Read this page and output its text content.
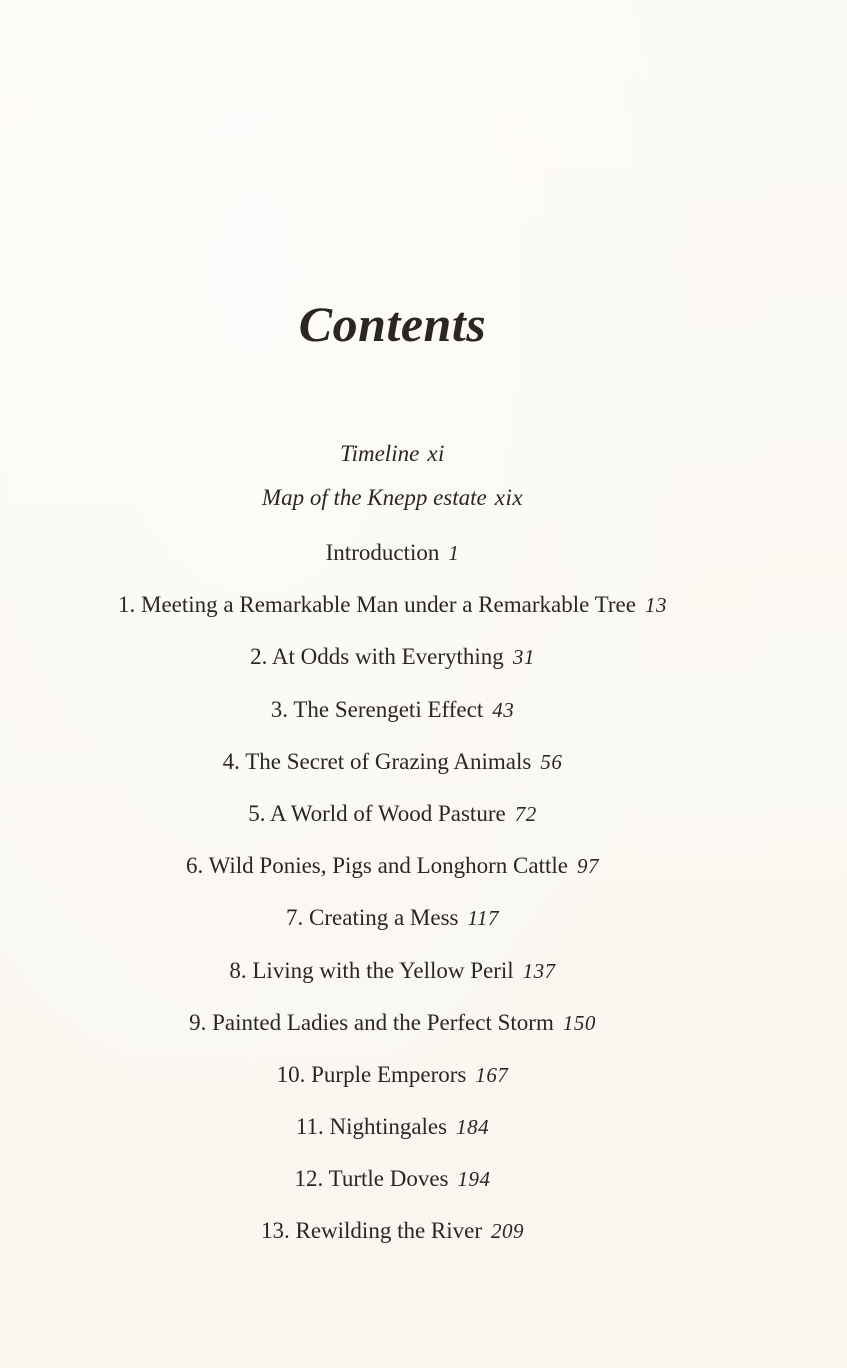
Contents
Timeline xi
Map of the Knepp estate xix
Introduction 1
1. Meeting a Remarkable Man under a Remarkable Tree 13
2. At Odds with Everything 31
3. The Serengeti Effect 43
4. The Secret of Grazing Animals 56
5. A World of Wood Pasture 72
6. Wild Ponies, Pigs and Longhorn Cattle 97
7. Creating a Mess 117
8. Living with the Yellow Peril 137
9. Painted Ladies and the Perfect Storm 150
10. Purple Emperors 167
11. Nightingales 184
12. Turtle Doves 194
13. Rewilding the River 209
